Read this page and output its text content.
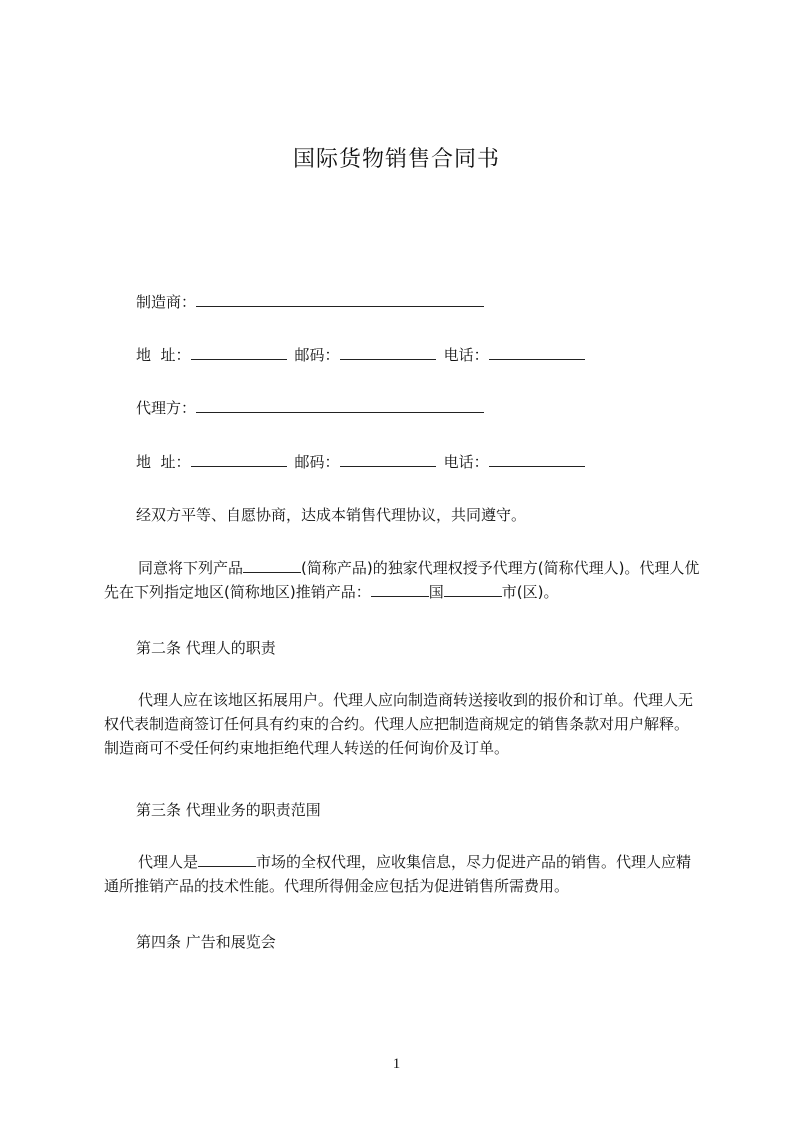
国际货物销售合同书
制造商：
地  址：	邮码：	电话：
代理方：
地  址：	邮码：	电话：
经双方平等、自愿协商，达成本销售代理协议，共同遵守。
同意将下列产品	(简称产品)的独家代理权授予代理方(简称代理人)。代理人优先在下列指定地区(简称地区)推销产品：	国	市(区)。
第二条 代理人的职责
代理人应在该地区拓展用户。代理人应向制造商转送接收到的报价和订单。代理人无权代表制造商签订任何具有约束的合约。代理人应把制造商规定的销售条款对用户解释。制造商可不受任何约束地拒绝代理人转送的任何询价及订单。
第三条 代理业务的职责范围
代理人是	市场的全权代理，应收集信息，尽力促进产品的销售。代理人应精通所推销产品的技术性能。代理所得佣金应包括为促进销售所需费用。
第四条 广告和展览会
1
